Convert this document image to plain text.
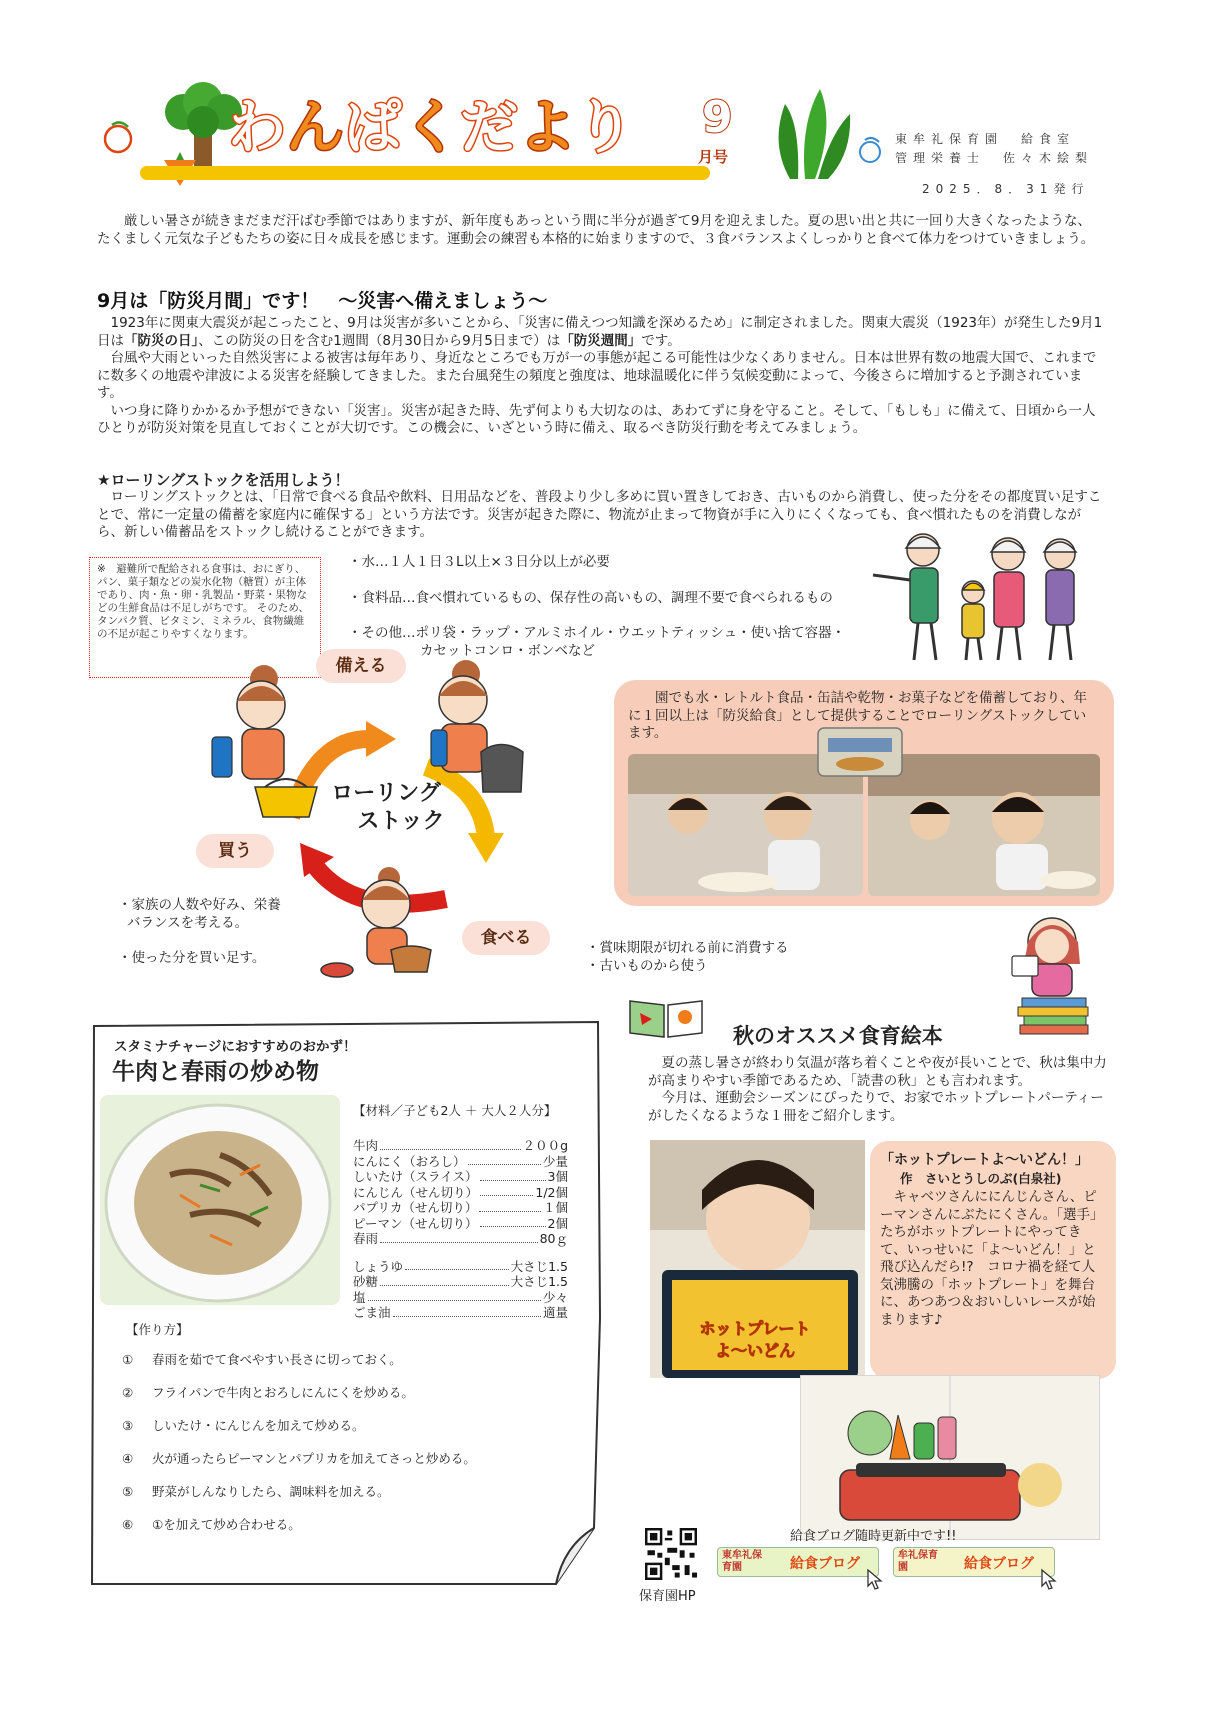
わんぱくだより 9
月号
東牟礼保育園　給食室
管理栄養士　佐々木絵梨
2025．8．31発行

厳しい暑さが続きまだまだ汗ばむ季節ではありますが、新年度もあっという間に半分が過ぎて9月を迎えました。夏の思い出と共に一回り大きくなったような、たくましく元気な子どもたちの姿に日々成長を感じます。運動会の練習も本格的に始まりますので、３食バランスよくしっかりと食べて体力をつけていきましょう。

9月は「防災月間」です！　～災害へ備えましょう～

1923年に関東大震災が起こったこと、9月は災害が多いことから、「災害に備えつつ知識を深めるため」に制定されました。関東大震災（1923年）が発生した9月1日は「防災の日」、この防災の日を含む1週間（8月30日から9月5日まで）は「防災週間」です。

台風や大雨といった自然災害による被害は毎年あり、身近なところでも万が一の事態が起こる可能性は少なくありません。日本は世界有数の地震大国で、これまでに数多くの地震や津波による災害を経験してきました。また台風発生の頻度と強度は、地球温暖化に伴う気候変動によって、今後さらに増加すると予測されています。

いつ身に降りかかるか予想ができない「災害」。災害が起きた時、先ず何よりも大切なのは、あわてずに身を守ること。そして、「もしも」に備えて、日頃から一人ひとりが防災対策を見直しておくことが大切です。この機会に、いざという時に備え、取るべき防災行動を考えてみましょう。

★ローリングストックを活用しよう！

ローリングストックとは、「日常で食べる食品や飲料、日用品などを、普段より少し多めに買い置きしておき、古いものから消費し、使った分をその都度買い足すことで、常に一定量の備蓄を家庭内に確保する」という方法です。災害が起きた際に、物流が止まって物資が手に入りにくくなっても、食べ慣れたものを消費しながら、新しい備蓄品をストックし続けることができます。

※　避難所で配給される食事は、おにぎり、パン、菓子類などの炭水化物（糖質）が主体であり、肉・魚・卵・乳製品・野菜・果物などの生鮮食品は不足しがちです。 そのため、タンパク質、ビタミン、ミネラル、食物繊維の不足が起こりやすくなります。

・水…１人１日３L以上×３日分以上が必要

・食料品…食べ慣れているもの、保存性の高いもの、調理不要で食べられるもの

・その他…ポリ袋・ラップ・アルミホイル・ウエットティッシュ・使い捨て容器・

カセットコンロ・ボンベなど

備える
買う
食べる
ローリング
ストック

・家族の人数や好み、栄養

バランスを考える。

・使った分を買い足す。

・賞味期限が切れる前に消費する

・古いものから使う

園でも水・レトルト食品・缶詰や乾物・お菓子などを備蓄しており、年に１回以上は「防災給食」として提供することでローリングストックしています。

スタミナチャージにおすすめのおかず！
牛肉と春雨の炒め物
【材料／子ども2人 ＋ 大人２人分】
牛肉	２００g
にんにく（おろし）	少量
しいたけ（スライス）	3個
にんじん（せん切り）	1/2個
パプリカ（せん切り）	１個
ピーマン（せん切り）	2個
春雨	80ｇ
しょうゆ	大さじ1.5
砂糖	大さじ1.5
塩	少々
ごま油	適量
【作り方】
① 春雨を茹でて食べやすい長さに切っておく。
② フライパンで牛肉とおろしにんにくを炒める。
③ しいたけ・にんじんを加えて炒める。
④ 火が通ったらピーマンとパプリカを加えてさっと炒める。
⑤ 野菜がしんなりしたら、調味料を加える。
⑥ ①を加えて炒め合わせる。
秋のオススメ食育絵本

夏の蒸し暑さが終わり気温が落ち着くことや夜が長いことで、秋は集中力が高まりやすい季節であるため、「読書の秋」とも言われます。

今月は、運動会シーズンにぴったりで、お家でホットプレートパーティーがしたくなるような１冊をご紹介します。

ホットプレート
よ～いどん
「ホットプレートよ～いどん！」
作　さいとうしのぶ(白泉社)

キャベツさんににんじんさん、ピーマンさんにぶたにくさん。「選手」たちがホットプレートにやってきて、いっせいに「よ～いどん！」と飛び込んだら!?　コロナ禍を経て人気沸騰の「ホットプレート」を舞台に、あつあつ＆おいしいレースが始まります♪

保育園HP
給食ブログ随時更新中です!!
東牟礼保育園	給食ブログ
牟礼保育園	給食ブログ
